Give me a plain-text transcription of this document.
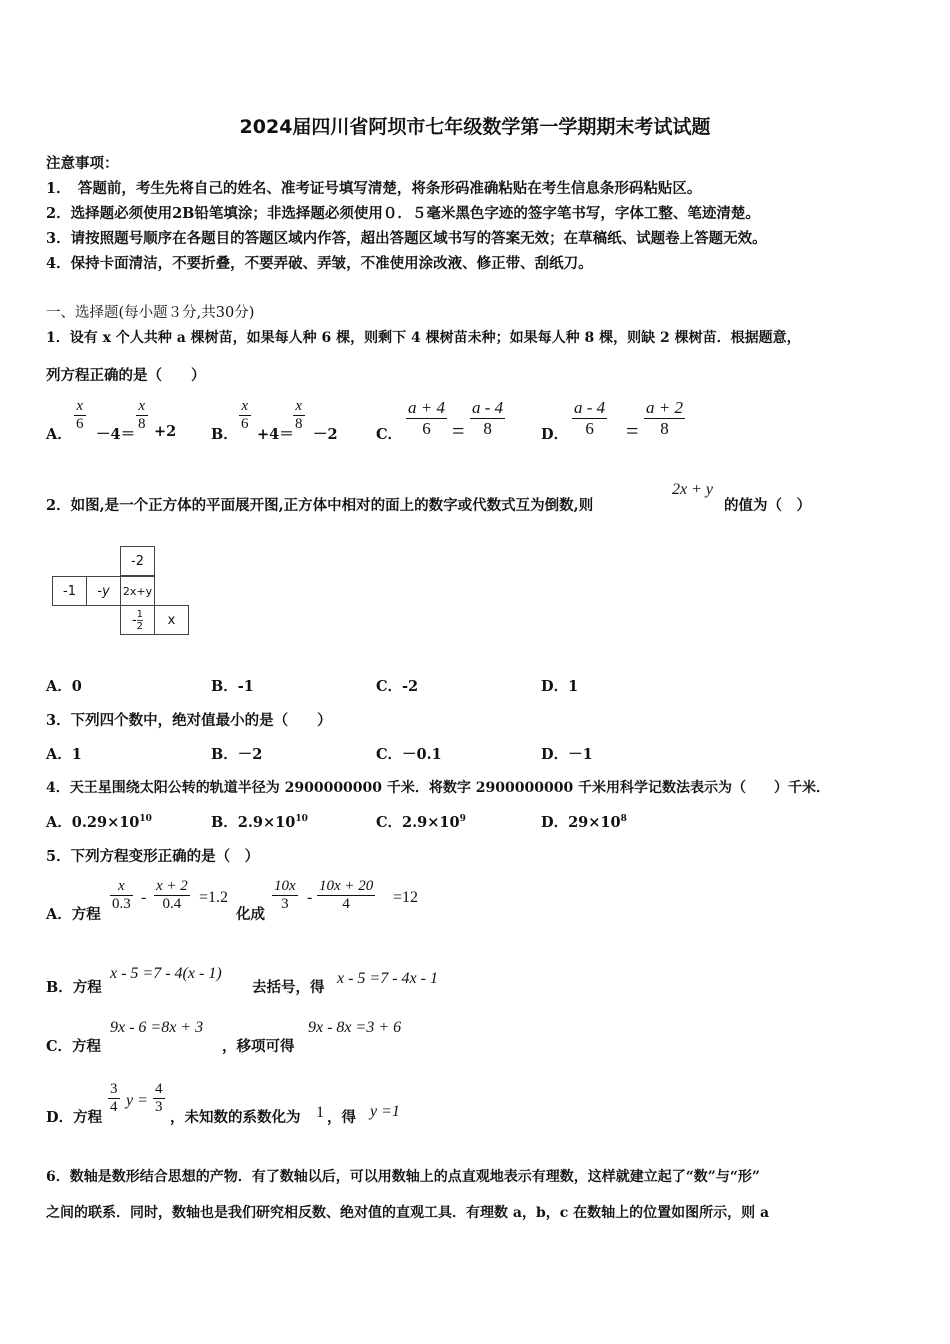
2024届四川省阿坝市七年级数学第一学期期末考试试题
注意事项：
1．　答题前，考生先将自己的姓名、准考证号填写清楚，将条形码准确粘贴在考生信息条形码粘贴区。
2．选择题必须使用2B铅笔填涂；非选择题必须使用０．５毫米黑色字迹的签字笔书写，字体工整、笔迹清楚。
3．请按照题号顺序在各题目的答题区域内作答，超出答题区域书写的答案无效；在草稿纸、试题卷上答题无效。
4．保持卡面清洁，不要折叠，不要弄破、弄皱，不准使用涂改液、修正带、刮纸刀。
一、选择题(每小题３分,共30分)
1．设有 x 个人共种 a 棵树苗，如果每人种 6 棵，则剩下 4 棵树苗未种；如果每人种 8 棵，则缺 2 棵树苗．根据题意，
列方程正确的是（　　）
A．
$\frac{x}{6}$
－4＝
$\frac{x}{8} +2$ B．
$\frac{x}{6}$
+4＝
$\frac{x}{8}$
－2	C． $\frac{a + 4}{6} = \frac{a - 4}{8}$ D． $\frac{a - 4}{6} = \frac{a + 2}{8}$
2．如图,是一个正方体的平面展开图,正方体中相对的面上的数字或代数式互为倒数,则
2x + y
的值为（　）
-2
-1	-y	2x+y
- $\frac{1}{2}$	x
A．0	B．-1	C．-2	D．1
3．下列四个数中，绝对值最小的是（　　）
A．1	B．－2	C．－0.1	D．－1
4．天王星围绕太阳公转的轨道半径为 2900000000 千米．将数字 2900000000 千米用科学记数法表示为（　　）千米．
A．$0.29\times 10^{10}$	B．$2.9\times 10^{10}$	C．$2.9\times 10^9$	D．$29\times 10^8$
5．下列方程变形正确的是（　）
A．方程
$\frac{x}{0.3} - \frac{x + 2}{0.4} =1.2$
化成
$\frac{10x}{3} - \frac{10x + 20}{4} =12$
B．方程
x - 5 =7 - 4(x - 1)
去括号，得
x - 5 =7 - 4x - 1
C．方程
9x - 6 =8x + 3
，移项可得
9x - 8x =3 + 6
D．方程
$\frac{3}{4}$ $y = \frac{4}{3}$
，未知数的系数化为 1 ，得 y =1
6．数轴是数形结合思想的产物．有了数轴以后，可以用数轴上的点直观地表示有理数，这样就建立起了“数”与“形”
之间的联系．同时，数轴也是我们研究相反数、绝对值的直观工具．有理数 a，b，c 在数轴上的位置如图所示，则 a
